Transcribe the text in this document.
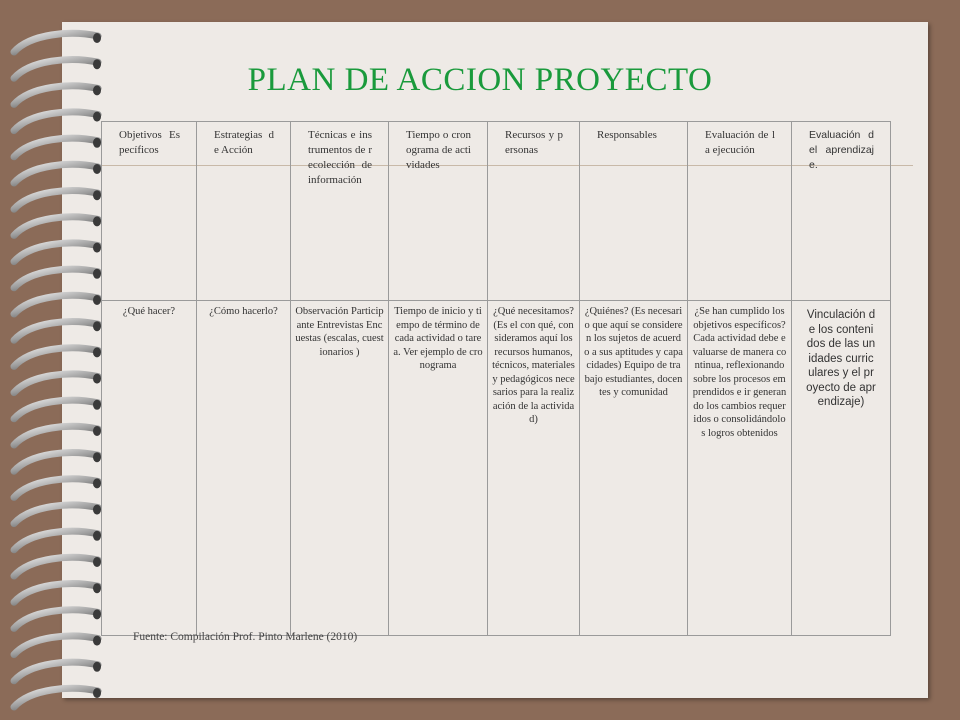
PLAN DE ACCION PROYECTO
Objetivos Específicos	Estrategias de Acción	Técnicas e instrumentos de recolección de información	Tiempo o cronograma de actividades	Recursos y personas	Responsables	Evaluación de la ejecución	Evaluación del aprendizaje.

¿Qué hacer?	¿Cómo hacerlo?	Observación Participante Entrevistas Encuestas (escalas, cuestionarios )	Tiempo de inicio y tiempo de término de cada actividad o tarea. Ver ejemplo de cronograma	¿Qué necesitamos? (Es el con qué, consideramos aquí los recursos humanos, técnicos, materiales y pedagógicos necesarios para la realización de la actividad)	¿Quiénes? (Es necesario que aquí se consideren los sujetos de acuerdo a sus aptitudes y capacidades) Equipo de trabajo estudiantes, docentes y comunidad	¿Se han cumplido los objetivos específicos? Cada actividad debe evaluarse de manera continua, reflexionando sobre los procesos emprendidos e ir generando los cambios requeridos o consolidándolos logros obtenidos	Vinculación de los contenidos de las unidades curriculares y el proyecto de aprendizaje)
Fuente: Compilación Prof. Pinto Marlene (2010)
